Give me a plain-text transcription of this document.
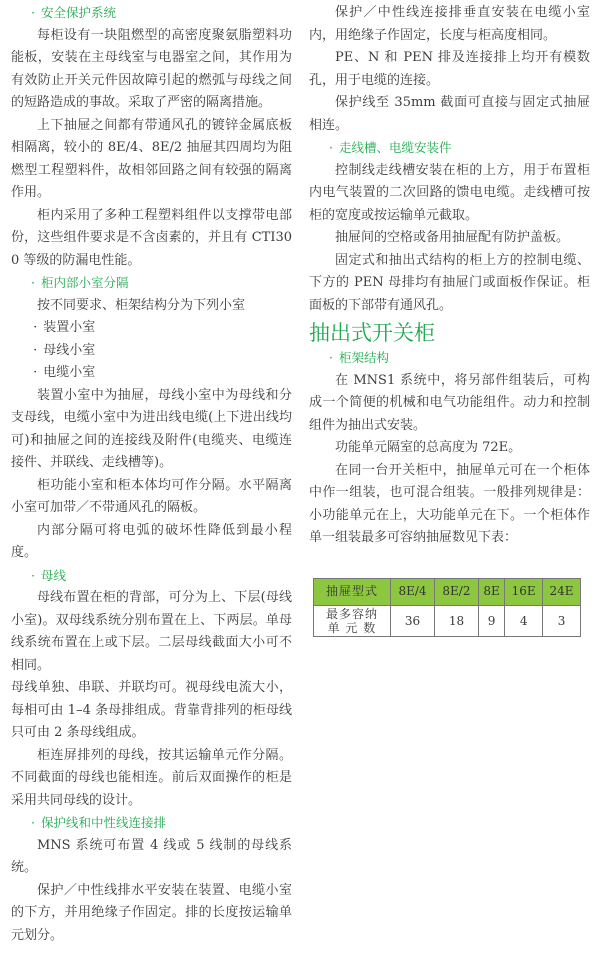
· 安全保护系统

每柜设有一块阻燃型的高密度聚氨脂塑料功能板，安装在主母线室与电器室之间，其作用为有效防止开关元件因故障引起的燃弧与母线之间的短路造成的事故。采取了严密的隔离措施。

上下抽屉之间都有带通风孔的镀锌金属底板相隔离，较小的 8E/4、8E/2 抽屉其四周均为阻燃型工程塑料件，故相邻回路之间有较强的隔离作用。

柜内采用了多种工程塑料组件以支撑带电部份，这些组件要求是不含卤素的，并且有 CTI300 等级的防漏电性能。

· 柜内部小室分隔

按不同要求、柜架结构分为下列小室

· 装置小室
· 母线小室
· 电缆小室

装置小室中为抽屉，母线小室中为母线和分支母线，电缆小室中为进出线电缆(上下进出线均可)和抽屉之间的连接线及附件(电缆夹、电缆连接件、并联线、走线槽等)。

柜功能小室和柜本体均可作分隔。水平隔离小室可加带／不带通风孔的隔板。

内部分隔可将电弧的破坏性降低到最小程度。

· 母线

母线布置在柜的背部，可分为上、下层(母线小室)。双母线系统分别布置在上、下两层。单母线系统布置在上或下层。二层母线截面大小可不相同。

母线单独、串联、并联均可。视母线电流大小，每相可由 1–4 条母排组成。背靠背排列的柜母线只可由 2 条母线组成。

柜连屏排列的母线，按其运输单元作分隔。不同截面的母线也能相连。前后双面操作的柜是采用共同母线的设计。

· 保护线和中性线连接排

MNS 系统可布置 4 线或 5 线制的母线系统。

保护／中性线排水平安装在装置、电缆小室的下方，并用绝缘子作固定。排的长度按运输单元划分。

保护／中性线连接排垂直安装在电缆小室内，用绝缘子作固定，长度与柜高度相同。

PE、N 和 PEN 排及连接排上均开有模数孔，用于电缆的连接。

保护线至 35mm 截面可直接与固定式抽屉相连。

· 走线槽、电缆安装件

控制线走线槽安装在柜的上方，用于布置柜内电气装置的二次回路的馈电电缆。走线槽可按柜的宽度或按运输单元截取。

抽屉间的空格或备用抽屉配有防护盖板。

固定式和抽出式结构的柜上方的控制电缆、下方的 PEN 母排均有抽屉门或面板作保证。柜面板的下部带有通风孔。

抽出式开关柜
· 柜架结构

在 MNS1 系统中，将另部件组装后，可构成一个简便的机械和电气功能组件。动力和控制组件为抽出式安装。

功能单元隔室的总高度为 72E。

在同一台开关柜中，抽屉单元可在一个柜体中作一组装，也可混合组装。一般排列规律是：小功能单元在上，大功能单元在下。一个柜体作单一组装最多可容纳抽屉数见下表：

抽屉型式	8E/4	8E/2	8E	16E	24E
最多容纳
单 元 数	36	18	9	4	3
